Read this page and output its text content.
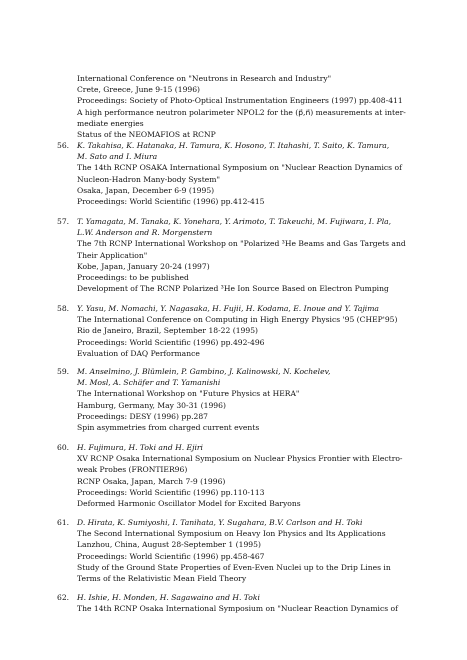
International Conference on "Neutrons in Research and Industry"
Crete, Greece, June 9-15 (1996)
Proceedings: Society of Photo-Optical Instrumentation Engineers (1997) pp.408-411
A high performance neutron polarimeter NPOL2 for the (p⃗,n⃗) measurements at inter-
mediate energies
Status of the NEOMAFIOS at RCNP
56.	K. Takahisa, K. Hatanaka, H. Tamura, K. Hosono, T. Itahashi, T. Saito, K. Tamura,
M. Sato and I. Miura
The 14th RCNP OSAKA International Symposium on "Nuclear Reaction Dynamics of
Nucleon-Hadron Many-body System"
Osaka, Japan, December 6-9 (1995)
Proceedings: World Scientific (1996) pp.412-415
57.	T. Yamagata, M. Tanaka, K. Yonehara, Y. Arimoto, T. Takeuchi, M. Fujiwara, I. Pla,
L.W. Anderson and R. Morgenstern
The 7th RCNP International Workshop on "Polarized ³He Beams and Gas Targets and
Their Application"
Kobe, Japan, January 20-24 (1997)
Proceedings: to be published
Development of The RCNP Polarized ³He Ion Source Based on Electron Pumping
58.	Y. Yasu, M. Nomachi, Y. Nagasaka, H. Fujii, H. Kodama, E. Inoue and Y. Tajima
The International Conference on Computing in High Energy Physics '95 (CHEP'95)
Rio de Janeiro, Brazil, September 18-22 (1995)
Proceedings: World Scientific (1996) pp.492-496
Evaluation of DAQ Performance
59.	M. Anselmino, J. Blümlein, P. Gambino, J. Kalinowski, N. Kochelev,
M. Mosl, A. Schäfer and T. Yamanishi
The International Workshop on "Future Physics at HERA"
Hamburg, Germany, May 30-31 (1996)
Proceedings: DESY (1996) pp.287
Spin asymmetries from charged current events
60.	H. Fujimura, H. Toki and H. Ejiri
XV RCNP Osaka International Symposium on Nuclear Physics Frontier with Electro-
weak Probes (FRONTIER96)
RCNP Osaka, Japan, March 7-9 (1996)
Proceedings: World Scientific (1996) pp.110-113
Deformed Harmonic Oscillator Model for Excited Baryons
61.	D. Hirata, K. Sumiyoshi, I. Tanihata, Y. Sugahara, B.V. Carlson and H. Toki
The Second International Symposium on Heavy Ion Physics and Its Applications
Lanzhou, China, August 28-September 1 (1995)
Proceedings: World Scientific (1996) pp.458-467
Study of the Ground State Properties of Even-Even Nuclei up to the Drip Lines in
Terms of the Relativistic Mean Field Theory
62.	H. Ishie, H. Monden, H. Sagawaino and H. Toki
The 14th RCNP Osaka International Symposium on "Nuclear Reaction Dynamics of
